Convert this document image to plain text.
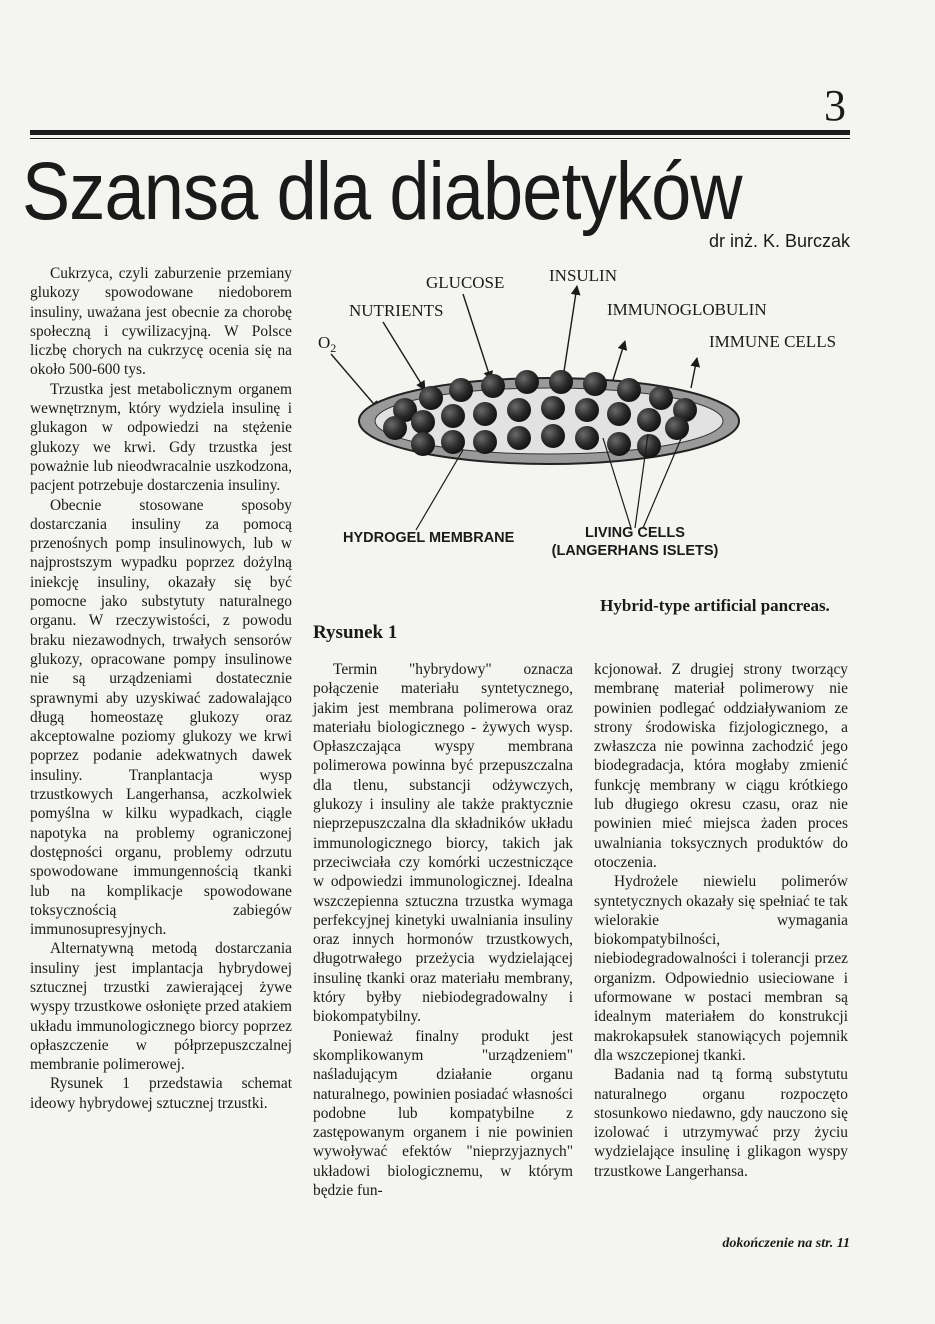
3
Szansa dla diabetyków
dr inż. K. Burczak

Cukrzyca, czyli zaburzenie przemiany glukozy spowodowane niedoborem insuliny, uważana jest obecnie za chorobę społeczną i cywilizacyjną. W Polsce liczbę chorych na cukrzycę ocenia się na około 500-600 tys.

Trzustka jest metabolicznym organem wewnętrznym, który wydziela insulinę i glukagon w odpowiedzi na stężenie glukozy we krwi. Gdy trzustka jest poważnie lub nieodwracalnie uszkodzona, pacjent potrzebuje dostarczenia insuliny.

Obecnie stosowane sposoby dostarczania insuliny za pomocą przenośnych pomp insulinowych, lub w najprostszym wypadku poprzez dożylną iniekcję insuliny, okazały się być pomocne jako substytuty naturalnego organu. W rzeczywistości, z powodu braku niezawodnych, trwałych sensorów glukozy, opracowane pompy insulinowe nie są urządzeniami dostatecznie sprawnymi aby uzyskiwać zadowalająco długą homeostazę glukozy oraz akceptowalne poziomy glukozy we krwi poprzez podanie adekwatnych dawek insuliny. Tranplantacja wysp trzustkowych Langerhansa, aczkolwiek pomyślna w kilku wypadkach, ciągle napotyka na problemy ograniczonej dostępności organu, problemy odrzutu spowodowane immungennością tkanki lub na komplikacje spowodowane toksycznością zabiegów immunosupresyjnych.

Alternatywną metodą dostarczania insuliny jest implantacja hybrydowej sztucznej trzustki zawierającej żywe wyspy trzustkowe osłonięte przed atakiem układu immunologicznego biorcy poprzez opłaszczenie w półprzepuszczalnej membranie polimerowej.

Rysunek 1 przedstawia schemat ideowy hybrydowej sztucznej trzustki.

GLUCOSE	INSULIN
NUTRIENTS	IMMUNOGLOBULIN
$O_2$	IMMUNE CELLS
HYDROGEL MEMBRANE	LIVING CELLS
(LANGERHANS ISLETS)
Hybrid-type artificial pancreas.
Rysunek 1

Termin "hybrydowy" oznacza połączenie materiału syntetycznego, jakim jest membrana polimerowa oraz materiału biologicznego - żywych wysp. Opłaszczająca wyspy membrana polimerowa powinna być przepuszczalna dla tlenu, substancji odżywczych, glukozy i insuliny ale także praktycznie nieprzepuszczalna dla składników układu immunologicznego biorcy, takich jak przeciwciała czy komórki uczestniczące w odpowiedzi immunologicznej. Idealna wszczepienna sztuczna trzustka wymaga perfekcyjnej kinetyki uwalniania insuliny oraz innych hormonów trzustkowych, długotrwałego przeżycia wydzielającej insulinę tkanki oraz materiału membrany, który byłby niebiodegradowalny i biokompatybilny.

Ponieważ finalny produkt jest skomplikowanym "urządzeniem" naśladującym działanie organu naturalnego, powinien posiadać własności podobne lub kompatybilne z zastępowanym organem i nie powinien wywoływać efektów "nieprzyjaznych" układowi biologicznemu, w którym będzie fun-

kcjonował. Z drugiej strony tworzący membranę materiał polimerowy nie powinien podlegać oddziaływaniom ze strony środowiska fizjologicznego, a zwłaszcza nie powinna zachodzić jego biodegradacja, która mogłaby zmienić funkcję membrany w ciągu krótkiego lub długiego okresu czasu, oraz nie powinien mieć miejsca żaden proces uwalniania toksycznych produktów do otoczenia.

Hydrożele niewielu polimerów syntetycznych okazały się spełniać te tak wielorakie wymagania biokompatybilności, niebiodegradowalności i tolerancji przez organizm. Odpowiednio usieciowane i uformowane w postaci membran są idealnym materiałem do konstrukcji makrokapsułek stanowiących pojemnik dla wszczepionej tkanki.

Badania nad tą formą substytutu naturalnego organu rozpoczęto stosunkowo niedawno, gdy nauczono się izolować i utrzymywać przy życiu wydzielające insulinę i glikagon wyspy trzustkowe Langerhansa.

dokończenie na str. 11
